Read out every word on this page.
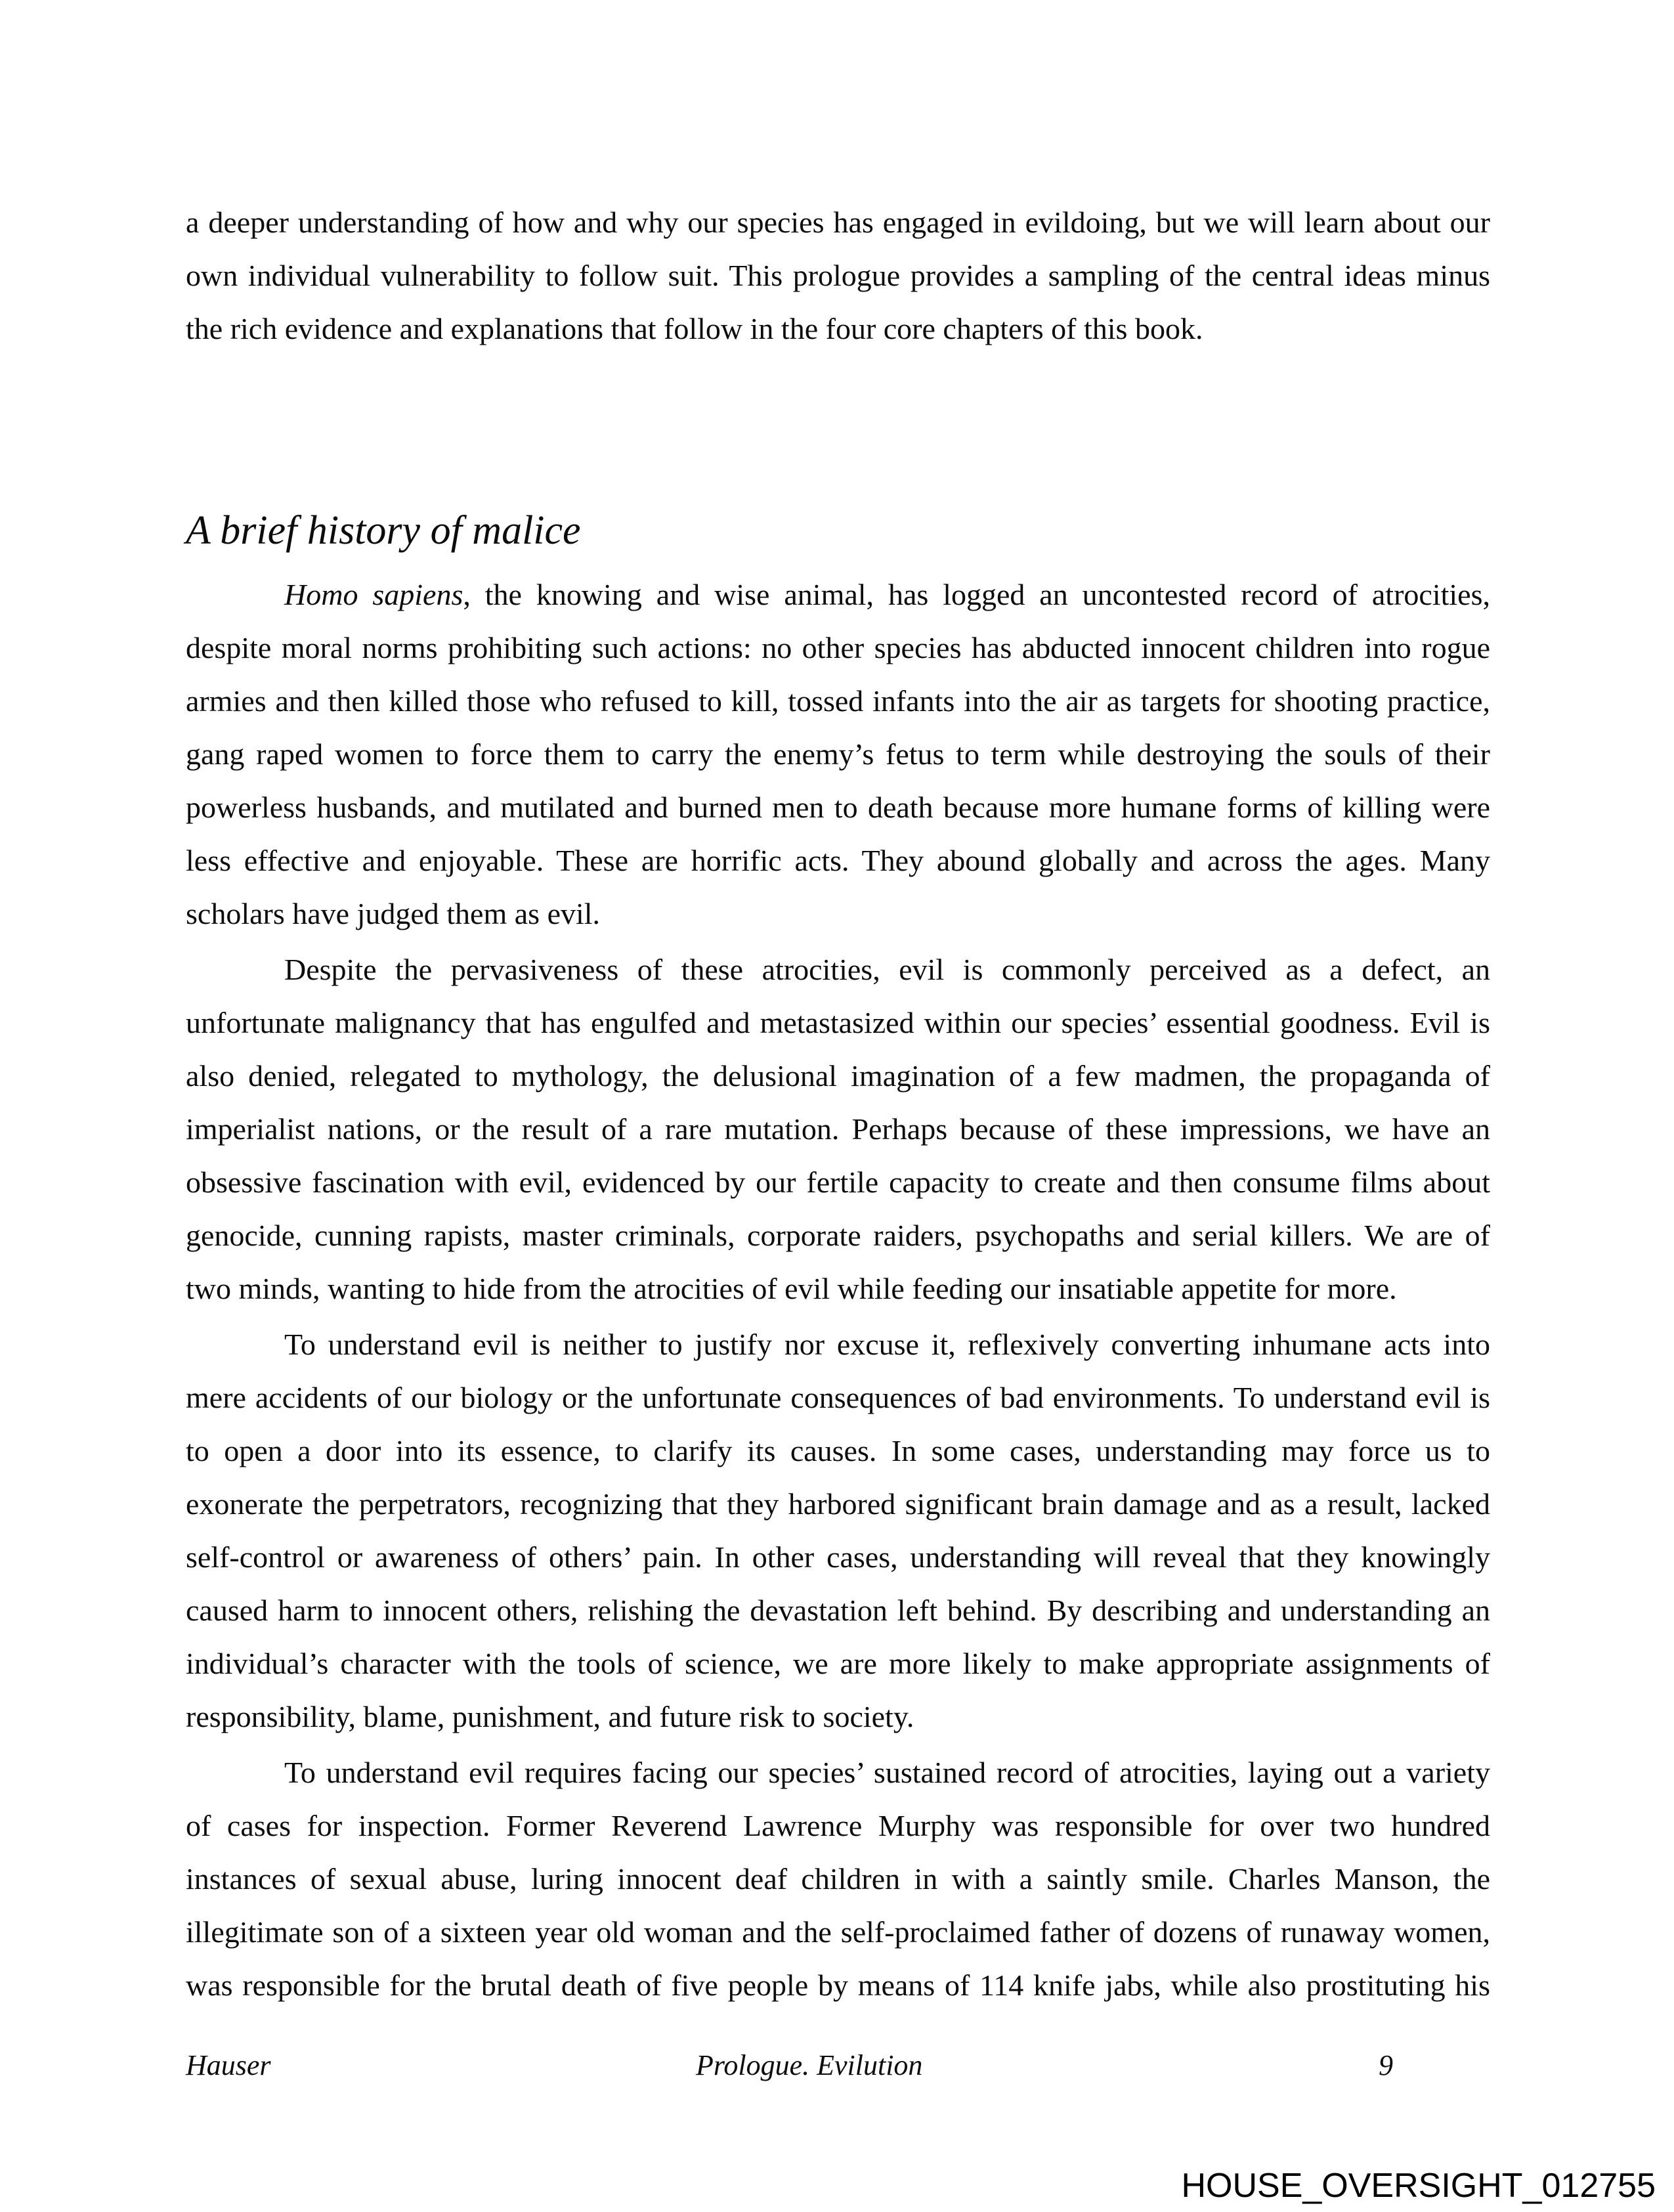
a deeper understanding of how and why our species has engaged in evildoing, but we will learn about our
own individual vulnerability to follow suit. This prologue provides a sampling of the central ideas minus
the rich evidence and explanations that follow in the four core chapters of this book.
A brief history of malice
Homo sapiens, the knowing and wise animal, has logged an uncontested record of atrocities,
despite moral norms prohibiting such actions: no other species has abducted innocent children into rogue
armies and then killed those who refused to kill, tossed infants into the air as targets for shooting practice,
gang raped women to force them to carry the enemy’s fetus to term while destroying the souls of their
powerless husbands, and mutilated and burned men to death because more humane forms of killing were
less effective and enjoyable. These are horrific acts. They abound globally and across the ages. Many
scholars have judged them as evil.
Despite the pervasiveness of these atrocities, evil is commonly perceived as a defect, an
unfortunate malignancy that has engulfed and metastasized within our species’ essential goodness. Evil is
also denied, relegated to mythology, the delusional imagination of a few madmen, the propaganda of
imperialist nations, or the result of a rare mutation. Perhaps because of these impressions, we have an
obsessive fascination with evil, evidenced by our fertile capacity to create and then consume films about
genocide, cunning rapists, master criminals, corporate raiders, psychopaths and serial killers. We are of
two minds, wanting to hide from the atrocities of evil while feeding our insatiable appetite for more.
To understand evil is neither to justify nor excuse it, reflexively converting inhumane acts into
mere accidents of our biology or the unfortunate consequences of bad environments. To understand evil is
to open a door into its essence, to clarify its causes. In some cases, understanding may force us to
exonerate the perpetrators, recognizing that they harbored significant brain damage and as a result, lacked
self-control or awareness of others’ pain. In other cases, understanding will reveal that they knowingly
caused harm to innocent others, relishing the devastation left behind. By describing and understanding an
individual’s character with the tools of science, we are more likely to make appropriate assignments of
responsibility, blame, punishment, and future risk to society.
To understand evil requires facing our species’ sustained record of atrocities, laying out a variety
of cases for inspection. Former Reverend Lawrence Murphy was responsible for over two hundred
instances of sexual abuse, luring innocent deaf children in with a saintly smile. Charles Manson, the
illegitimate son of a sixteen year old woman and the self-proclaimed father of dozens of runaway women,
was responsible for the brutal death of five people by means of 114 knife jabs, while also prostituting his
Hauser	Prologue. Evilution	9
HOUSE_OVERSIGHT_012755
